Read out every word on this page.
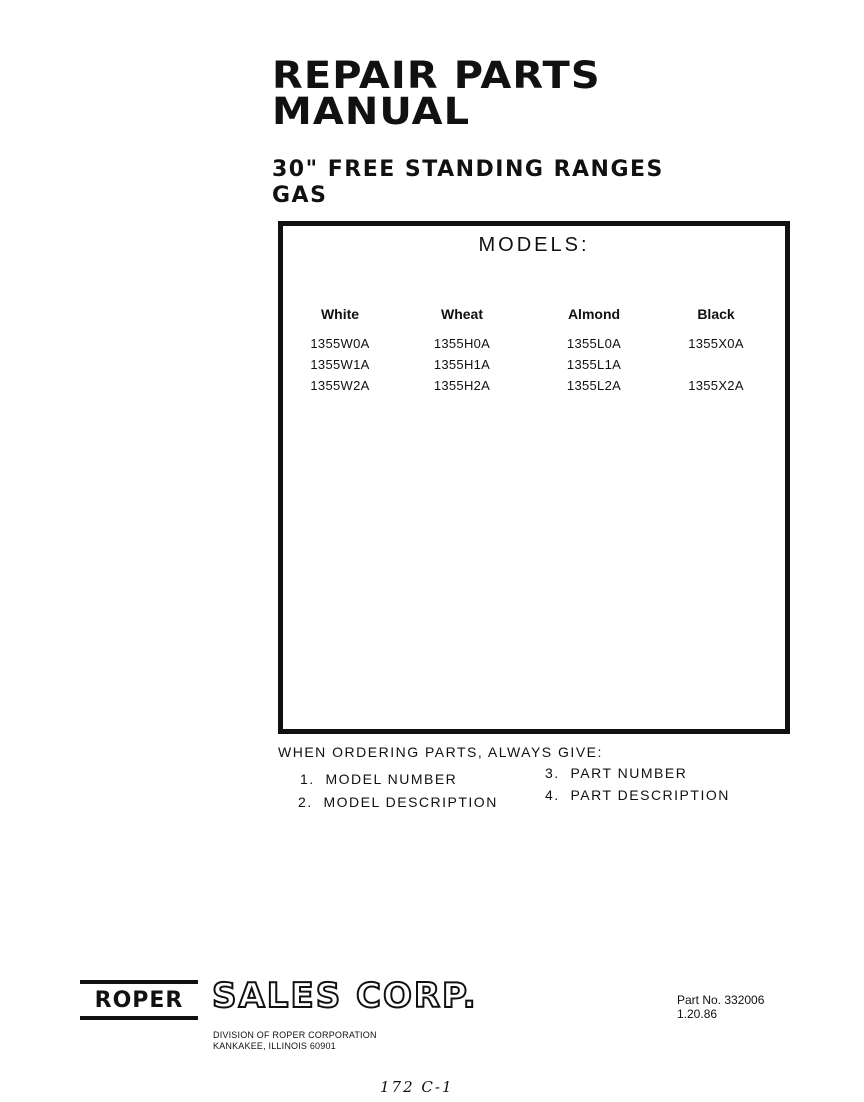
REPAIR PARTS
MANUAL
30" FREE STANDING RANGES
GAS
MODELS:
White
1355W0A
1355W1A
1355W2A
Wheat
1355H0A
1355H1A
1355H2A
Almond
1355L0A
1355L1A
1355L2A
Black
1355X0A
1355X2A
WHEN ORDERING PARTS, ALWAYS GIVE:
1. MODEL NUMBER
2. MODEL DESCRIPTION
3. PART NUMBER
4. PART DESCRIPTION
ROPER SALES CORP.
DIVISION OF ROPER CORPORATION
KANKAKEE, ILLINOIS 60901
Part No. 332006
1.20.86
172 C-1
